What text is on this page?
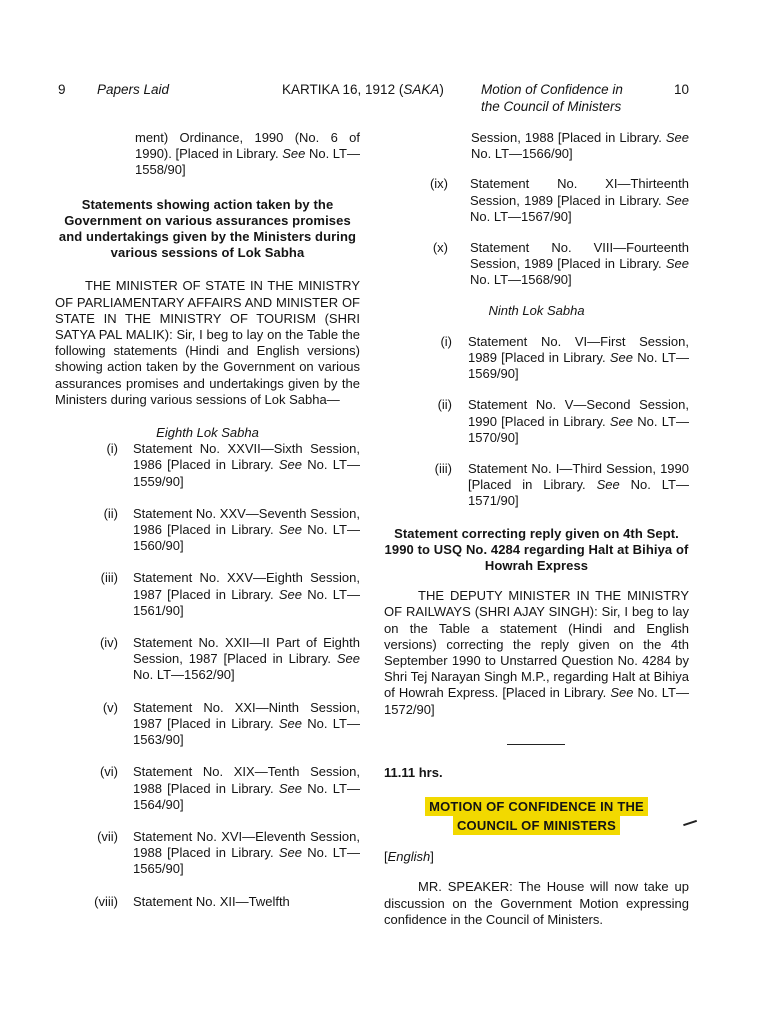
9 Papers Laid	KARTIKA 16, 1912 (SAKA)	Motion of Confidence in
the Council of Ministers
10

ment) Ordinance, 1990 (No. 6 of 1990). [Placed in Library. See No. LT—1558/90]

Statements showing action taken by the Government on various assurances promises and undertakings given by the Ministers during various sessions of Lok Sabha

THE MINISTER OF STATE IN THE MINISTRY OF PARLIAMENTARY AFFAIRS AND MINISTER OF STATE IN THE MINISTRY OF TOURISM (SHRI SATYA PAL MALIK): Sir, I beg to lay on the Table the following statements (Hindi and English versions) showing action taken by the Government on various assurances promises and undertakings given by the Ministers during various sessions of Lok Sabha—

Eighth Lok Sabha

(i) Statement No. XXVII—Sixth Session, 1986 [Placed in Library. See No. LT—1559/90]
(ii) Statement No. XXV—Seventh Session, 1986 [Placed in Library. See No. LT—1560/90]
(iii) Statement No. XXV—Eighth Session, 1987 [Placed in Library. See No. LT—1561/90]
(iv) Statement No. XXII—II Part of Eighth Session, 1987 [Placed in Library. See No. LT—1562/90]
(v) Statement No. XXI—Ninth Session, 1987 [Placed in Library. See No. LT—1563/90]
(vi) Statement No. XIX—Tenth Session, 1988 [Placed in Library. See No. LT—1564/90]
(vii) Statement No. XVI—Eleventh Session, 1988 [Placed in Library. See No. LT—1565/90]
(viii) Statement No. XII—Twelfth

Session, 1988 [Placed in Library. See No. LT—1566/90]

(ix) Statement No. XI—Thirteenth Session, 1989 [Placed in Library. See No. LT—1567/90]
(x) Statement No. VIII—Fourteenth Session, 1989 [Placed in Library. See No. LT—1568/90]

Ninth Lok Sabha

(i) Statement No. VI—First Session, 1989 [Placed in Library. See No. LT—1569/90]
(ii) Statement No. V—Second Session, 1990 [Placed in Library. See No. LT—1570/90]
(iii) Statement No. I—Third Session, 1990 [Placed in Library. See No. LT—1571/90]

Statement correcting reply given on 4th Sept. 1990 to USQ No. 4284 regarding Halt at Bihiya of Howrah Express

THE DEPUTY MINISTER IN THE MINISTRY OF RAILWAYS (SHRI AJAY SINGH): Sir, I beg to lay on the Table a statement (Hindi and English versions) correcting the reply given on the 4th September 1990 to Unstarred Question No. 4284 by Shri Tej Narayan Singh M.P., regarding Halt at Bihiya of Howrah Express. [Placed in Library. See No. LT—1572/90]

11.11 hrs.

MOTION OF CONFIDENCE IN THE
COUNCIL OF MINISTERS

[English]

MR. SPEAKER: The House will now take up discussion on the Government Motion expressing confidence in the Council of Ministers.
